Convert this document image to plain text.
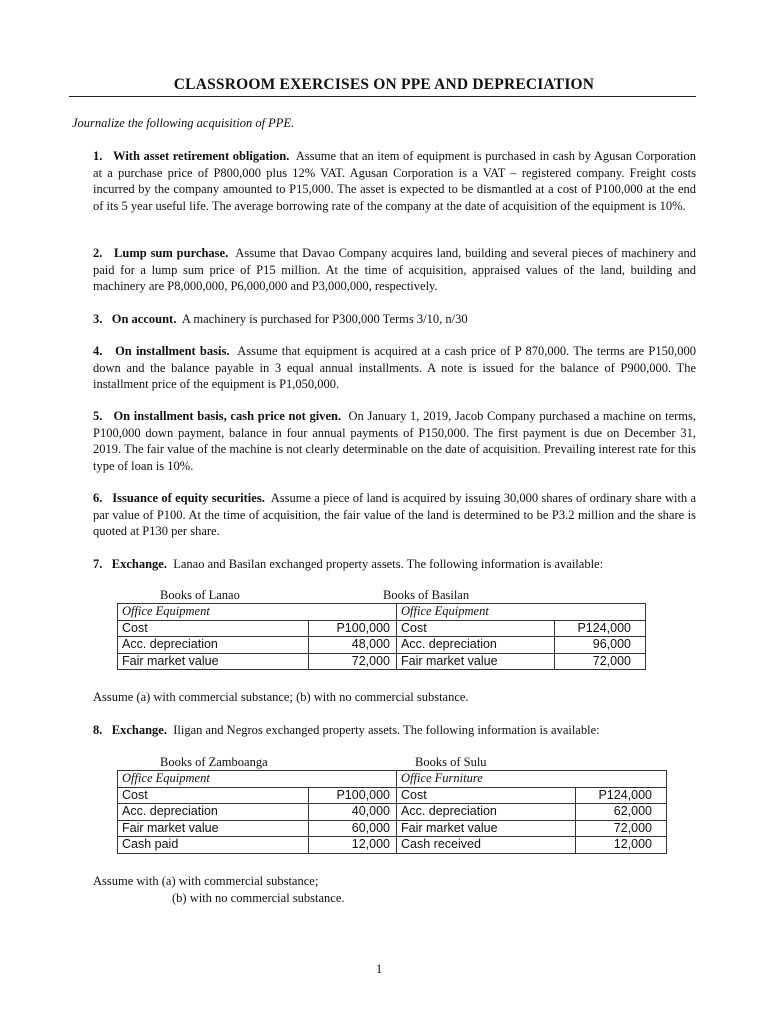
CLASSROOM EXERCISES ON PPE AND DEPRECIATION
Journalize the following acquisition of PPE.
1. With asset retirement obligation. Assume that an item of equipment is purchased in cash by Agusan Corporation at a purchase price of P800,000 plus 12% VAT. Agusan Corporation is a VAT – registered company. Freight costs incurred by the company amounted to P15,000. The asset is expected to be dismantled at a cost of P100,000 at the end of its 5 year useful life. The average borrowing rate of the company at the date of acquisition of the equipment is 10%.
2. Lump sum purchase. Assume that Davao Company acquires land, building and several pieces of machinery and paid for a lump sum price of P15 million. At the time of acquisition, appraised values of the land, building and machinery are P8,000,000, P6,000,000 and P3,000,000, respectively.
3. On account. A machinery is purchased for P300,000 Terms 3/10, n/30
4. On installment basis. Assume that equipment is acquired at a cash price of P 870,000. The terms are P150,000 down and the balance payable in 3 equal annual installments. A note is issued for the balance of P900,000. The installment price of the equipment is P1,050,000.
5. On installment basis, cash price not given. On January 1, 2019, Jacob Company purchased a machine on terms, P100,000 down payment, balance in four annual payments of P150,000. The first payment is due on December 31, 2019. The fair value of the machine is not clearly determinable on the date of acquisition. Prevailing interest rate for this type of loan is 10%.
6. Issuance of equity securities. Assume a piece of land is acquired by issuing 30,000 shares of ordinary share with a par value of P100. At the time of acquisition, the fair value of the land is determined to be P3.2 million and the share is quoted at P130 per share.
7. Exchange. Lanao and Basilan exchanged property assets. The following information is available:
Books of Lanao	Books of Basilan
Office Equipment		Office Equipment	
Cost	P100,000	Cost	P124,000
Acc. depreciation	48,000	Acc. depreciation	96,000
Fair market value	72,000	Fair market value	72,000
Assume (a) with commercial substance; (b) with no commercial substance.
8. Exchange. Iligan and Negros exchanged property assets. The following information is available:
Books of Zamboanga	Books of Sulu
Office Equipment		Office Furniture	
Cost	P100,000	Cost	P124,000
Acc. depreciation	40,000	Acc. depreciation	62,000
Fair market value	60,000	Fair market value	72,000
Cash paid	12,000	Cash received	12,000
Assume with (a) with commercial substance;
(b) with no commercial substance.
1
